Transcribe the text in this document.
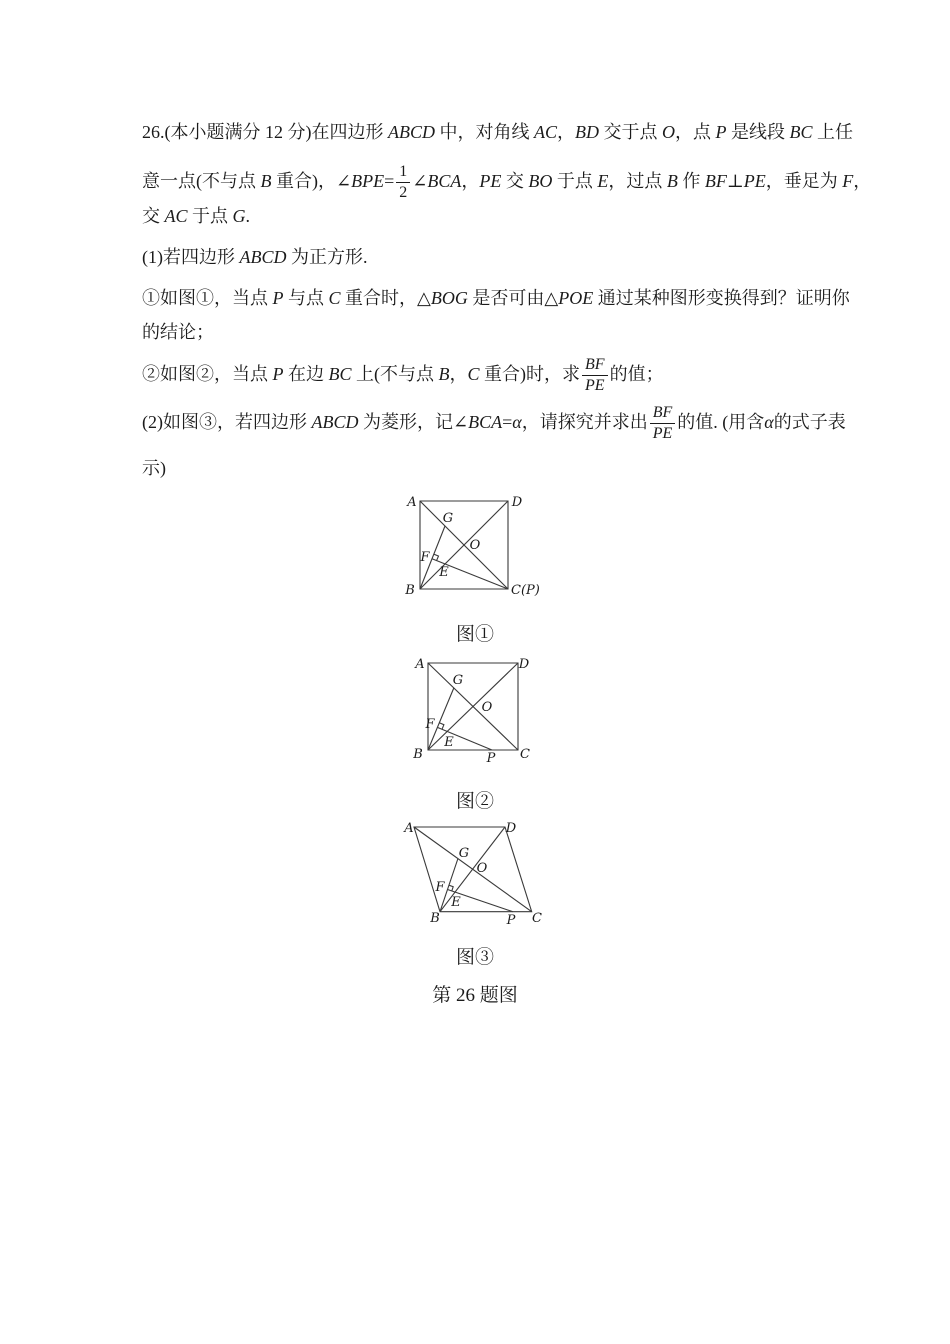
26.(本小题满分 12 分)在四边形 ABCD 中，对角线 AC，BD 交于点 O，点 P 是线段 BC 上任
意一点(不与点 B 重合)，∠BPE= $\frac{1}{2}$ ∠BCA，PE 交 BO 于点 E，过点 B 作 BF⊥PE，垂足为 F，
交 AC 于点 G.
(1)若四边形 ABCD 为正方形.
①如图①，当点 P 与点 C 重合时，△BOG 是否可由△POE 通过某种图形变换得到？证明你
的结论；
②如图②，当点 P 在边 BC 上(不与点 B，C 重合)时，求 $\frac{BF}{PE}$ 的值；
(2)如图③，若四边形 ABCD 为菱形，记∠BCA=α，请探究并求出 $\frac{BF}{PE}$ 的值. (用含α的式子表
示)
A	D
B	C(P)
G
O
F
E
图①
A	D
B	C
P
G
O
F
E
图②
A	D
B	C
P
G
O
F
E
图③
第 26 题图
